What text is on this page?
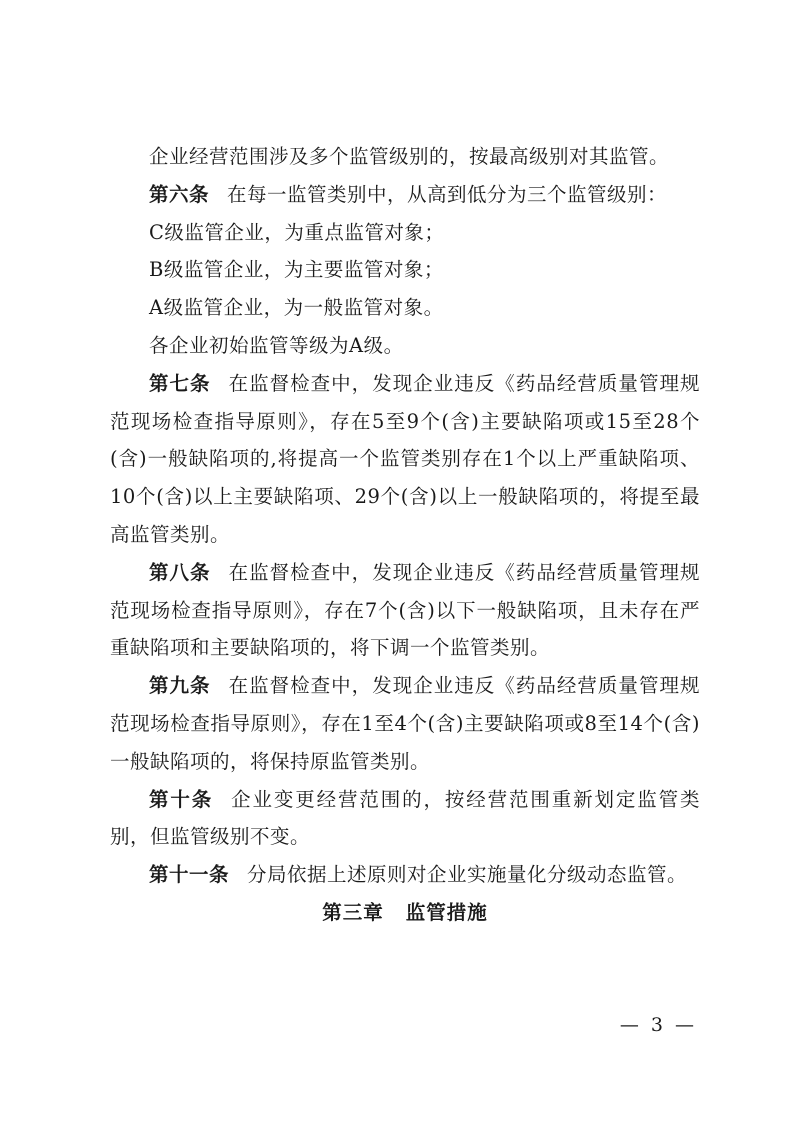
企业经营范围涉及多个监管级别的，按最高级别对其监管。

第六条 在每一监管类别中，从高到低分为三个监管级别：

C级监管企业，为重点监管对象；

B级监管企业，为主要监管对象；

A级监管企业，为一般监管对象。

各企业初始监管等级为A级。

第七条 在监督检查中，发现企业违反《药品经营质量管理规范现场检查指导原则》，存在5至9个(含)主要缺陷项或15至28个(含)一般缺陷项的,将提高一个监管类别存在1个以上严重缺陷项、10个(含)以上主要缺陷项、29个(含)以上一般缺陷项的，将提至最高监管类别。

第八条 在监督检查中，发现企业违反《药品经营质量管理规范现场检查指导原则》，存在7个(含)以下一般缺陷项，且未存在严重缺陷项和主要缺陷项的，将下调一个监管类别。

第九条 在监督检查中，发现企业违反《药品经营质量管理规范现场检查指导原则》，存在1至4个(含)主要缺陷项或8至14个(含)一般缺陷项的，将保持原监管类别。

第十条 企业变更经营范围的，按经营范围重新划定监管类别，但监管级别不变。

第十一条 分局依据上述原则对企业实施量化分级动态监管。

第三章 监管措施

— 3 —
